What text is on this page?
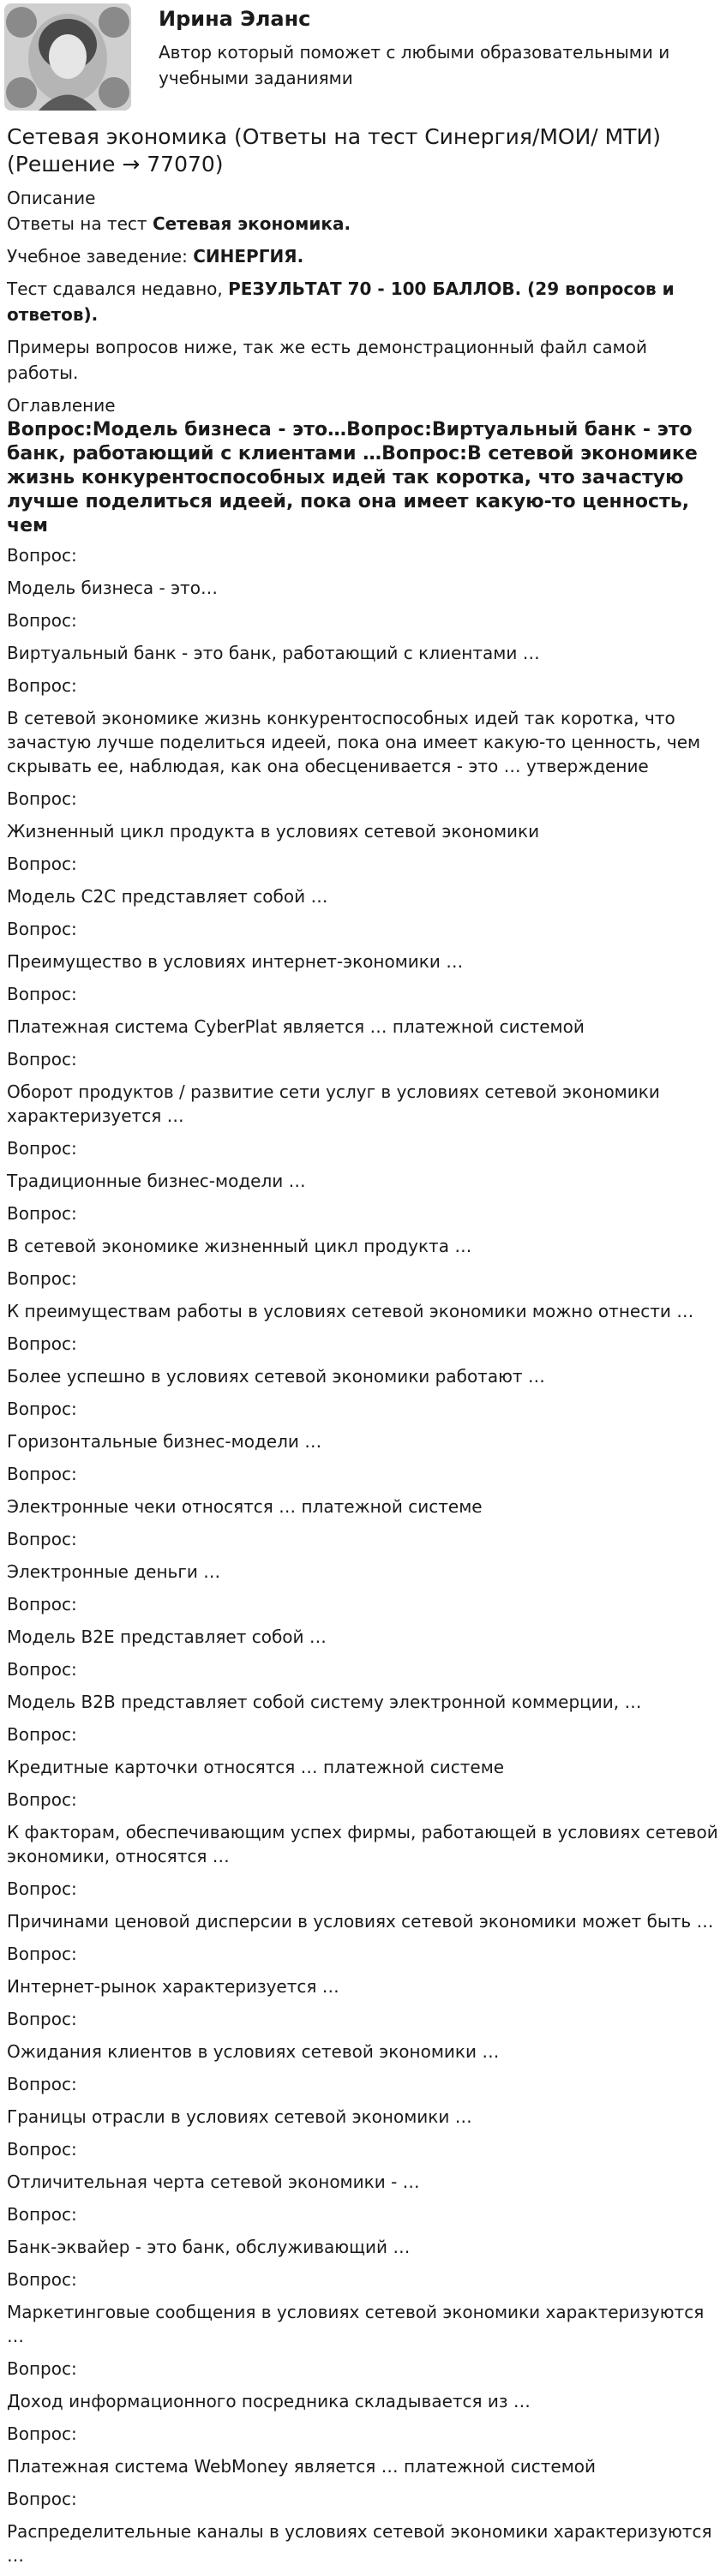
Ирина Эланс
Автор который поможет с любыми образовательными и учебными заданиями
Сетевая экономика (Ответы на тест Синергия/МОИ/ МТИ) (Решение → 77070)

Описание

Ответы на тест Сетевая экономика.

Учебное заведение: СИНЕРГИЯ.

Тест сдавался недавно, РЕЗУЛЬТАТ 70 - 100 БАЛЛОВ. (29 вопросов и ответов).

Примеры вопросов ниже, так же есть демонстрационный файл самой работы.

Оглавление

Вопрос:Модель бизнеса - это…Вопрос:Виртуальный банк - это банк, работающий с клиентами …Вопрос:В сетевой экономике жизнь конкурентоспособных идей так коротка, что зачастую лучше поделиться идеей, пока она имеет какую-то ценность, чем

Вопрос:

Модель бизнеса - это…

Вопрос:

Виртуальный банк - это банк, работающий с клиентами …

Вопрос:

В сетевой экономике жизнь конкурентоспособных идей так коротка, что зачастую лучше поделиться идеей, пока она имеет какую-то ценность, чем скрывать ее, наблюдая, как она обесценивается - это … утверждение

Вопрос:

Жизненный цикл продукта в условиях сетевой экономики

Вопрос:

Модель C2C представляет собой …

Вопрос:

Преимущество в условиях интернет-экономики …

Вопрос:

Платежная система CyberPlat является … платежной системой

Вопрос:

Оборот продуктов / развитие сети услуг в условиях сетевой экономики характеризуется …

Вопрос:

Традиционные бизнес-модели …

Вопрос:

В сетевой экономике жизненный цикл продукта …

Вопрос:

К преимуществам работы в условиях сетевой экономики можно отнести …

Вопрос:

Более успешно в условиях сетевой экономики работают …

Вопрос:

Горизонтальные бизнес-модели …

Вопрос:

Электронные чеки относятся … платежной системе

Вопрос:

Электронные деньги …

Вопрос:

Модель B2E представляет собой …

Вопрос:

Модель B2B представляет собой систему электронной коммерции, …

Вопрос:

Кредитные карточки относятся … платежной системе

Вопрос:

К факторам, обеспечивающим успех фирмы, работающей в условиях сетевой экономики, относятся …

Вопрос:

Причинами ценовой дисперсии в условиях сетевой экономики может быть …

Вопрос:

Интернет-рынок характеризуется …

Вопрос:

Ожидания клиентов в условиях сетевой экономики …

Вопрос:

Границы отрасли в условиях сетевой экономики …

Вопрос:

Отличительная черта сетевой экономики - …

Вопрос:

Банк-эквайер - это банк, обслуживающий …

Вопрос:

Маркетинговые сообщения в условиях сетевой экономики характеризуются …

Вопрос:

Доход информационного посредника складывается из …

Вопрос:

Платежная система WebMoney является … платежной системой

Вопрос:

Распределительные каналы в условиях сетевой экономики характеризуются …
